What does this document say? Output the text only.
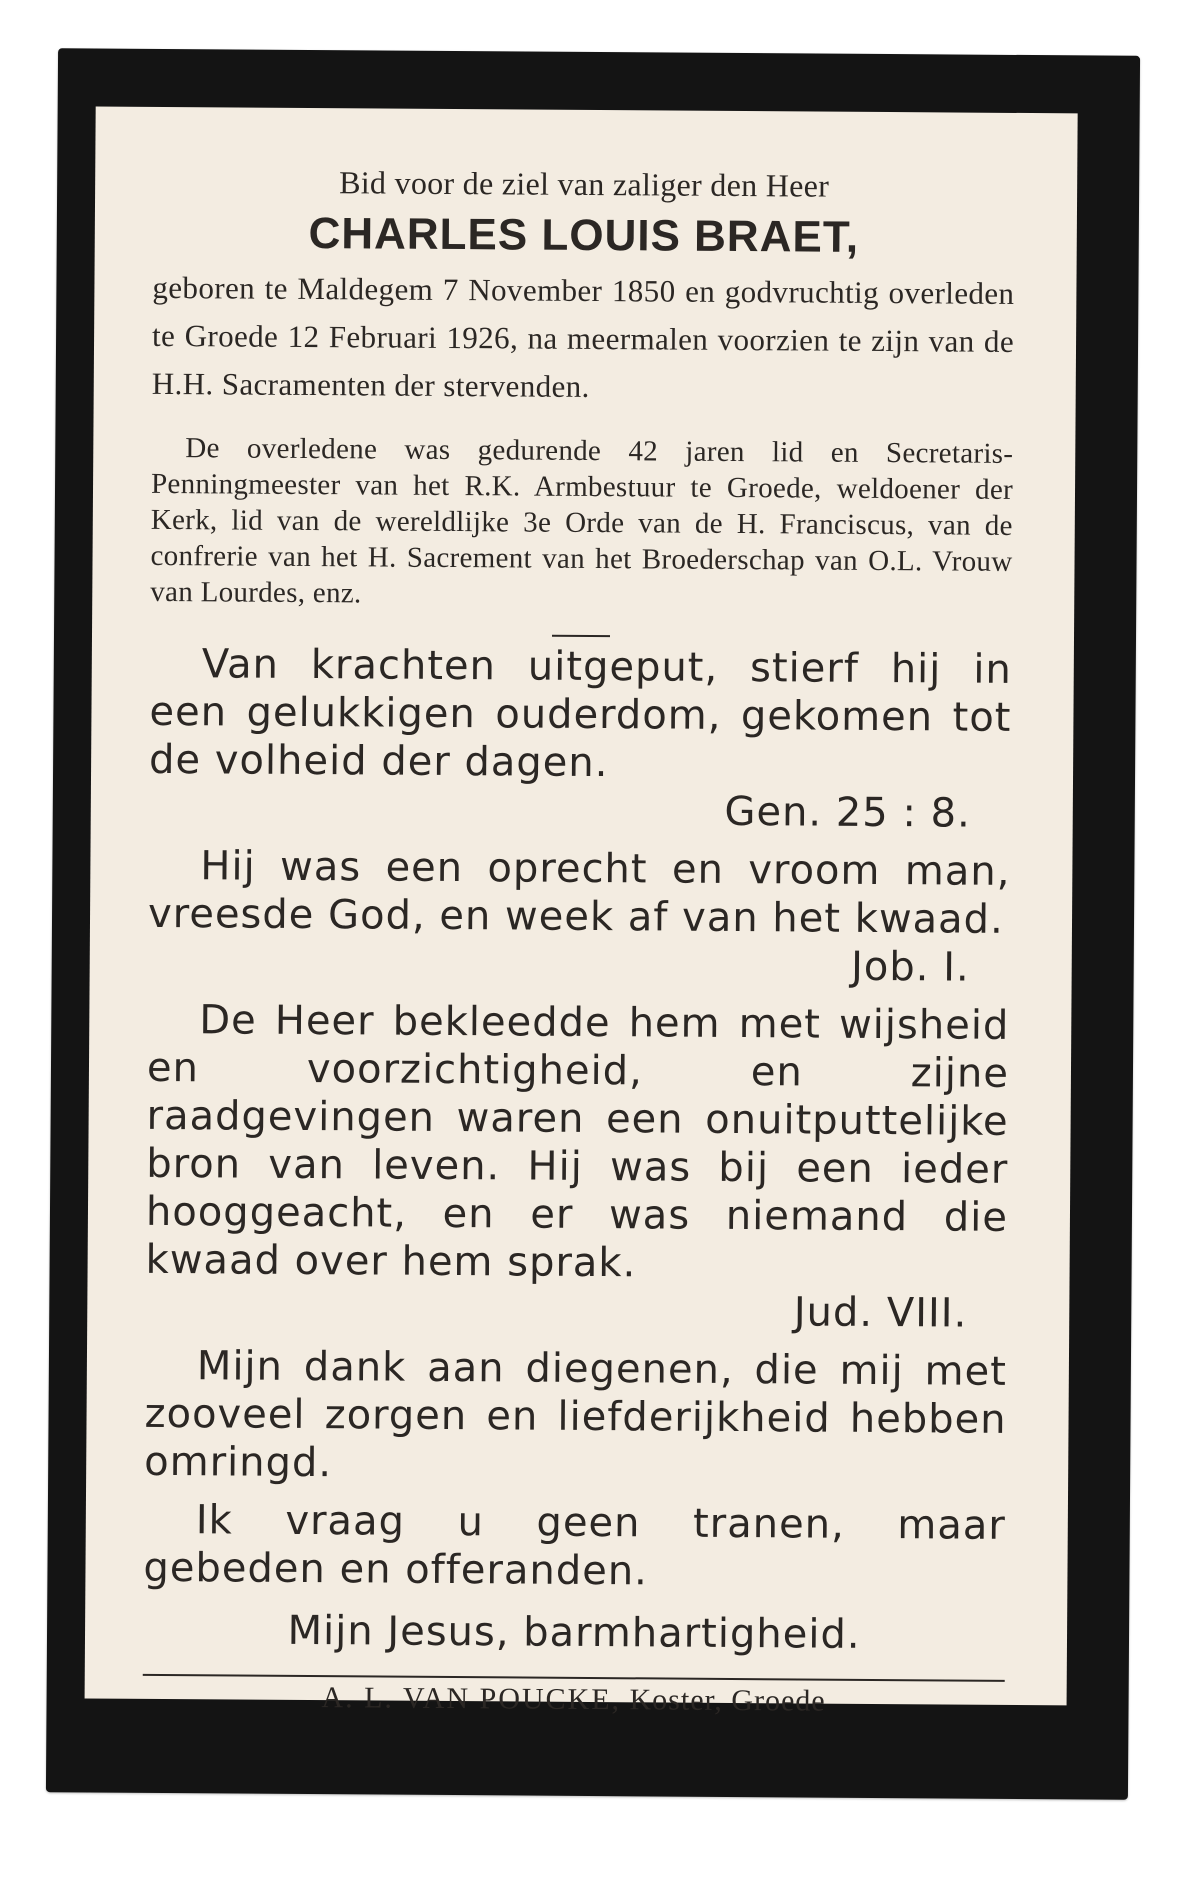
Bid voor de ziel van zaliger den Heer

CHARLES LOUIS BRAET,

geboren te Maldegem 7 November 1850 en godvruchtig overleden te Groede 12 Februari 1926, na meermalen voorzien te zijn van de H.H. Sacramenten der stervenden.

De overledene was gedurende 42 jaren lid en Secretaris-Penningmeester van het R.K. Armbestuur te Groede, weldoener der Kerk, lid van de wereldlijke 3e Orde van de H. Franciscus, van de confrerie van het H. Sacrement van het Broederschap van O.L. Vrouw van Lourdes, enz.

Van krachten uitgeput, stierf hij in een gelukkigen ouderdom, gekomen tot de volheid der dagen.

Gen. 25 : 8.

Hij was een oprecht en vroom man, vreesde God, en week af van het kwaad.

Job. I.

De Heer bekleedde hem met wijsheid en voorzichtigheid, en zijne raadgevingen waren een onuitputtelijke bron van leven. Hij was bij een ieder hooggeacht, en er was niemand die kwaad over hem sprak.

Jud. VIII.

Mijn dank aan diegenen, die mij met zooveel zorgen en liefderijkheid hebben omringd.

Ik vraag u geen tranen, maar gebeden en offeranden.

Mijn Jesus, barmhartigheid.

A. L. VAN POUCKE, Koster, Groede
